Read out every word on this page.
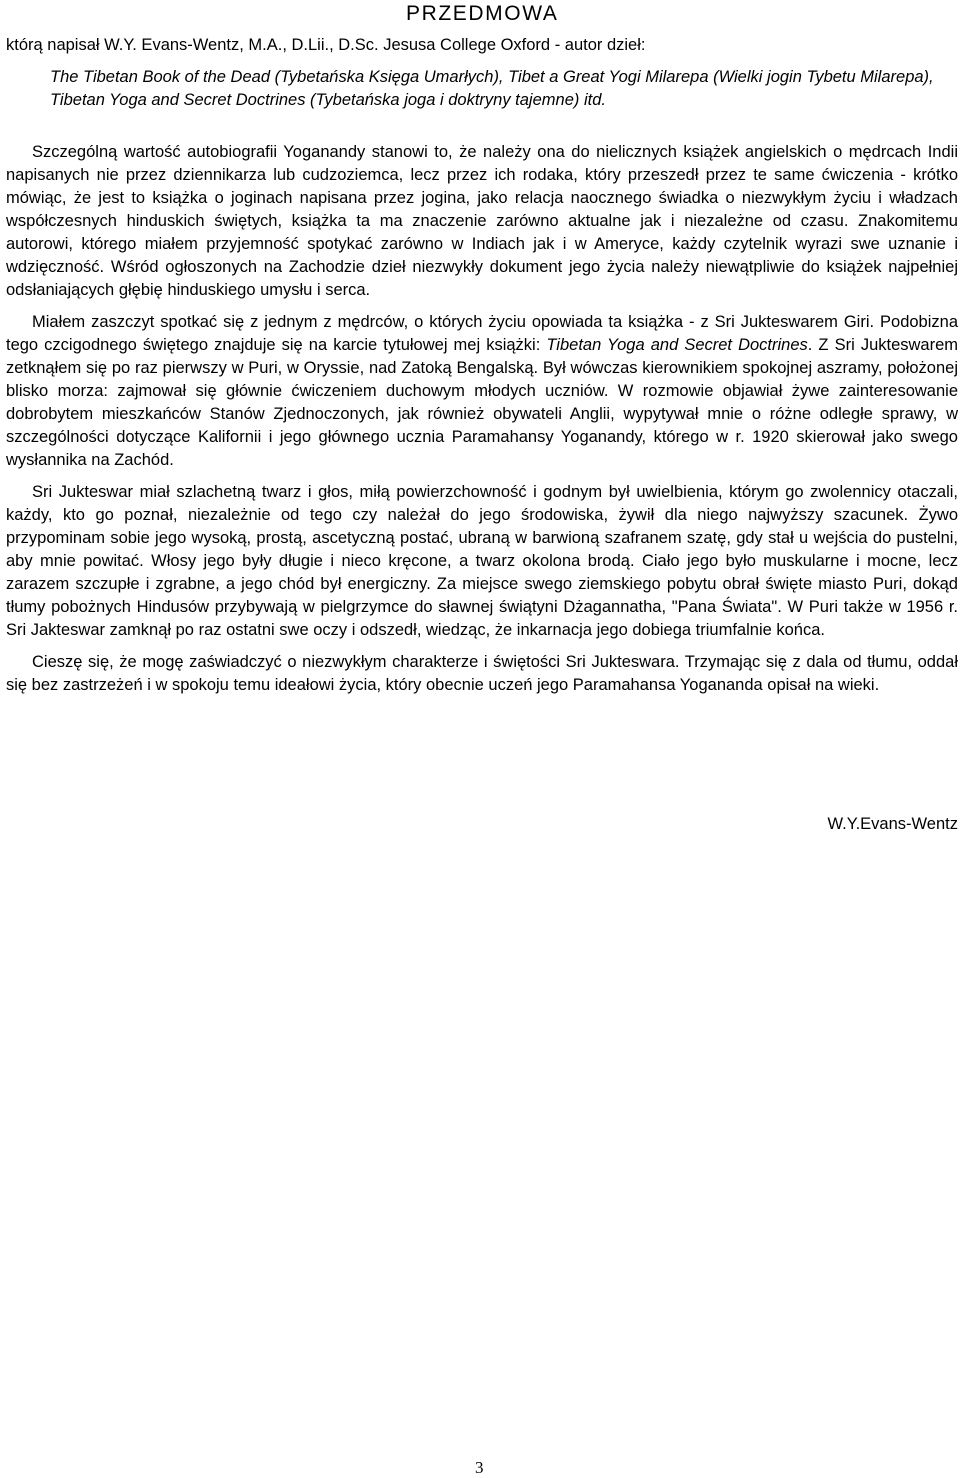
PRZEDMOWA

którą napisał W.Y. Evans-Wentz, M.A., D.Lii., D.Sc. Jesusa College Oxford - autor dzieł:

The Tibetan Book of the Dead (Tybetańska Księga Umarłych), Tibet a Great Yogi Milarepa (Wielki jogin Tybetu Milarepa), Tibetan Yoga and Secret Doctrines (Tybetańska joga i doktryny tajemne) itd.

Szczególną wartość autobiografii Yoganandy stanowi to, że należy ona do nielicznych książek angielskich o mędrcach Indii napisanych nie przez dziennikarza lub cudzoziemca, lecz przez ich rodaka, który przeszedł przez te same ćwiczenia - krótko mówiąc, że jest to książka o joginach napisana przez jogina, jako relacja naocznego świadka o niezwykłym życiu i władzach współczesnych hinduskich świętych, książka ta ma znaczenie zarówno aktualne jak i niezależne od czasu. Znakomitemu autorowi, którego miałem przyjemność spotykać zarówno w Indiach jak i w Ameryce, każdy czytelnik wyrazi swe uznanie i wdzięczność. Wśród ogłoszonych na Zachodzie dzieł niezwykły dokument jego życia należy niewątpliwie do książek najpełniej odsłaniających głębię hinduskiego umysłu i serca.

Miałem zaszczyt spotkać się z jednym z mędrców, o których życiu opowiada ta książka - z Sri Jukteswarem Giri. Podobizna tego czcigodnego świętego znajduje się na karcie tytułowej mej książki: Tibetan Yoga and Secret Doctrines. Z Sri Jukteswarem zetknąłem się po raz pierwszy w Puri, w Oryssie, nad Zatoką Bengalską. Był wówczas kierownikiem spokojnej aszramy, położonej blisko morza: zajmował się głównie ćwiczeniem duchowym młodych uczniów. W rozmowie objawiał żywe zainteresowanie dobrobytem mieszkańców Stanów Zjednoczonych, jak również obywateli Anglii, wypytywał mnie o różne odległe sprawy, w szczególności dotyczące Kalifornii i jego głównego ucznia Paramahansy Yoganandy, którego w r. 1920 skierował jako swego wysłannika na Zachód.

Sri Jukteswar miał szlachetną twarz i głos, miłą powierzchowność i godnym był uwielbienia, którym go zwolennicy otaczali, każdy, kto go poznał, niezależnie od tego czy należał do jego środowiska, żywił dla niego najwyższy szacunek. Żywo przypominam sobie jego wysoką, prostą, ascetyczną postać, ubraną w barwioną szafranem szatę, gdy stał u wejścia do pustelni, aby mnie powitać. Włosy jego były długie i nieco kręcone, a twarz okolona brodą. Ciało jego było muskularne i mocne, lecz zarazem szczupłe i zgrabne, a jego chód był energiczny. Za miejsce swego ziemskiego pobytu obrał święte miasto Puri, dokąd tłumy pobożnych Hindusów przybywają w pielgrzymce do sławnej świątyni Dżagannatha, "Pana Świata". W Puri także w 1956 r. Sri Jakteswar zamknął po raz ostatni swe oczy i odszedł, wiedząc, że inkarnacja jego dobiega triumfalnie końca.

Cieszę się, że mogę zaświadczyć o niezwykłym charakterze i świętości Sri Jukteswara. Trzymając się z dala od tłumu, oddał się bez zastrzeżeń i w spokoju temu ideałowi życia, który obecnie uczeń jego Paramahansa Yogananda opisał na wieki.

W.Y.Evans-Wentz

3
